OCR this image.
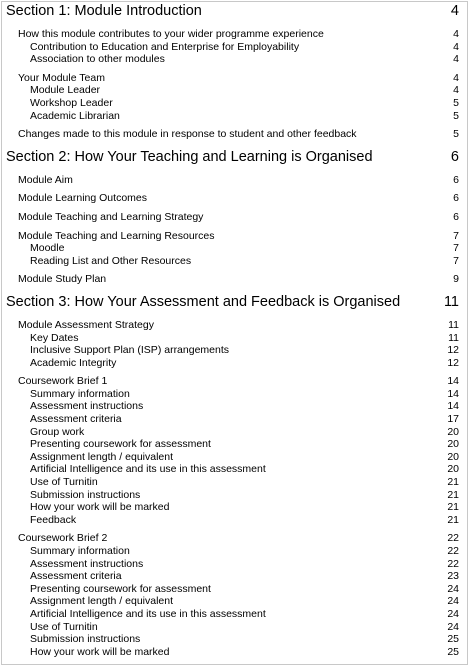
Section 1: Module Introduction	4
How this module contributes to your wider programme experience	4
Contribution to Education and Enterprise for Employability	4
Association to other modules	4
Your Module Team	4
Module Leader	4
Workshop Leader	5
Academic Librarian	5
Changes made to this module in response to student and other feedback	5
Section 2: How Your Teaching and Learning is Organised	6
Module Aim	6
Module Learning Outcomes	6
Module Teaching and Learning Strategy	6
Module Teaching and Learning Resources	7
Moodle	7
Reading List and Other Resources	7
Module Study Plan	9
Section 3: How Your Assessment and Feedback is Organised	11
Module Assessment Strategy	11
Key Dates	11
Inclusive Support Plan (ISP) arrangements	12
Academic Integrity	12
Coursework Brief 1	14
Summary information	14
Assessment instructions	14
Assessment criteria	17
Group work	20
Presenting coursework for assessment	20
Assignment length / equivalent	20
Artificial Intelligence and its use in this assessment	20
Use of Turnitin	21
Submission instructions	21
How your work will be marked	21
Feedback	21
Coursework Brief 2	22
Summary information	22
Assessment instructions	22
Assessment criteria	23
Presenting coursework for assessment	24
Assignment length / equivalent	24
Artificial Intelligence and its use in this assessment	24
Use of Turnitin	24
Submission instructions	25
How your work will be marked	25
